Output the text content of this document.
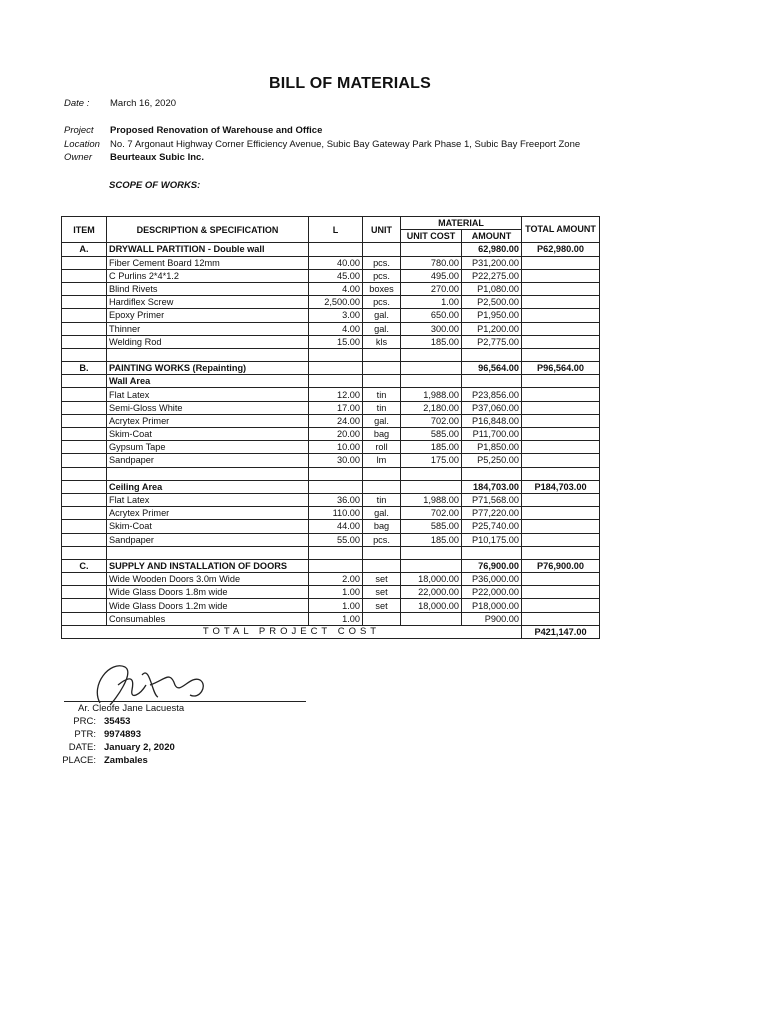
BILL OF MATERIALS
Date :	March 16, 2020
Project	Proposed Renovation of Warehouse and Office
Location	No. 7 Argonaut Highway Corner Efficiency Avenue, Subic Bay Gateway Park Phase 1, Subic Bay Freeport Zone
Owner	Beurteaux Subic Inc.
SCOPE OF WORKS:
ITEM	DESCRIPTION & SPECIFICATION	L	UNIT	MATERIAL		TOTAL AMOUNT
				UNIT COST	AMOUNT	
A.	DRYWALL PARTITION - Double wall				62,980.00	P62,980.00
	Fiber Cement Board 12mm	40.00	pcs.	780.00	P31,200.00	
	C Purlins 2*4*1.2	45.00	pcs.	495.00	P22,275.00	
	Blind Rivets	4.00	boxes	270.00	P1,080.00	
	Hardiflex Screw	2,500.00	pcs.	1.00	P2,500.00	
	Epoxy Primer	3.00	gal.	650.00	P1,950.00	
	Thinner	4.00	gal.	300.00	P1,200.00	
	Welding Rod	15.00	kls	185.00	P2,775.00	

B.	PAINTING WORKS (Repainting)				96,564.00	P96,564.00
	Wall Area					
	Flat Latex	12.00	tin	1,988.00	P23,856.00	
	Semi-Gloss White	17.00	tin	2,180.00	P37,060.00	
	Acrytex Primer	24.00	gal.	702.00	P16,848.00	
	Skim-Coat	20.00	bag	585.00	P11,700.00	
	Gypsum Tape	10.00	roll	185.00	P1,850.00	
	Sandpaper	30.00	lm	175.00	P5,250.00	

	Ceiling Area				184,703.00	P184,703.00
	Flat Latex	36.00	tin	1,988.00	P71,568.00	
	Acrytex Primer	110.00	gal.	702.00	P77,220.00	
	Skim-Coat	44.00	bag	585.00	P25,740.00	
	Sandpaper	55.00	pcs.	185.00	P10,175.00	

C.	SUPPLY AND INSTALLATION OF DOORS				76,900.00	P76,900.00
	Wide Wooden Doors 3.0m Wide	2.00	set	18,000.00	P36,000.00	
	Wide Glass Doors 1.8m wide	1.00	set	22,000.00	P22,000.00	
	Wide Glass Doors 1.2m wide	1.00	set	18,000.00	P18,000.00	
	Consumables	1.00			P900.00	
TOTAL PROJECT COST						P421,147.00
Ar. Cleofe Jane Lacuesta
PRC: 35453
PTR: 9974893
DATE: January 2, 2020
PLACE: Zambales
